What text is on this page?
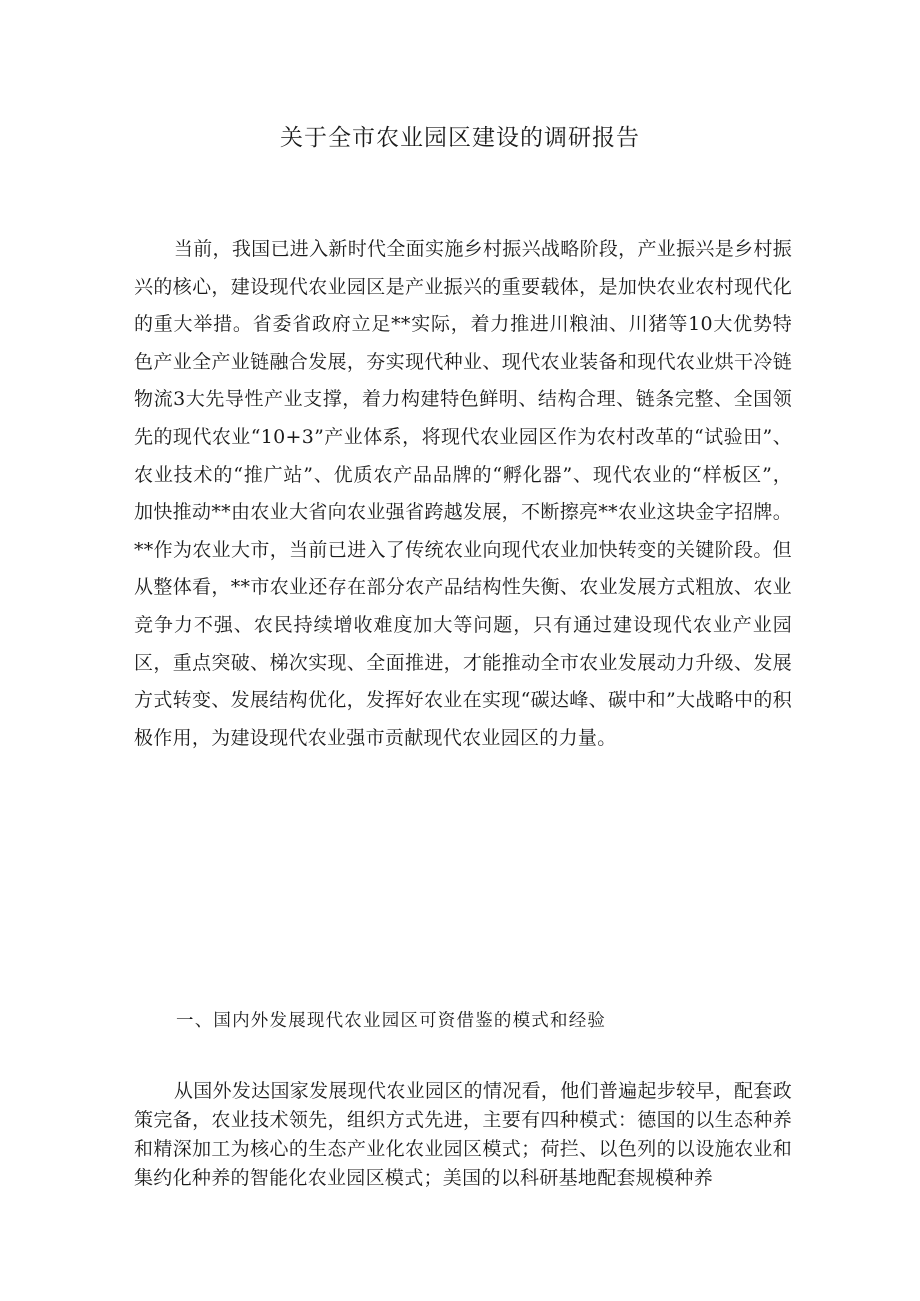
关于全市农业园区建设的调研报告

当前，我国已进入新时代全面实施乡村振兴战略阶段，产业振兴是乡村振兴的核心，建设现代农业园区是产业振兴的重要载体，是加快农业农村现代化的重大举措。省委省政府立足**实际，着力推进川粮油、川猪等10大优势特色产业全产业链融合发展，夯实现代种业、现代农业装备和现代农业烘干冷链物流3大先导性产业支撑，着力构建特色鲜明、结构合理、链条完整、全国领先的现代农业“10+3”产业体系，将现代农业园区作为农村改革的“试验田”、农业技术的“推广站”、优质农产品品牌的“孵化器”、现代农业的“样板区”，加快推动**由农业大省向农业强省跨越发展，不断擦亮**农业这块金字招牌。**作为农业大市，当前已进入了传统农业向现代农业加快转变的关键阶段。但从整体看，**市农业还存在部分农产品结构性失衡、农业发展方式粗放、农业竞争力不强、农民持续增收难度加大等问题，只有通过建设现代农业产业园区，重点突破、梯次实现、全面推进，才能推动全市农业发展动力升级、发展方式转变、发展结构优化，发挥好农业在实现“碳达峰、碳中和”大战略中的积极作用，为建设现代农业强市贡献现代农业园区的力量。

一、国内外发展现代农业园区可资借鉴的模式和经验

从国外发达国家发展现代农业园区的情况看，他们普遍起步较早，配套政策完备，农业技术领先，组织方式先进，主要有四种模式：德国的以生态种养和精深加工为核心的生态产业化农业园区模式；荷拦、以色列的以设施农业和集约化种养的智能化农业园区模式；美国的以科研基地配套规模种养
